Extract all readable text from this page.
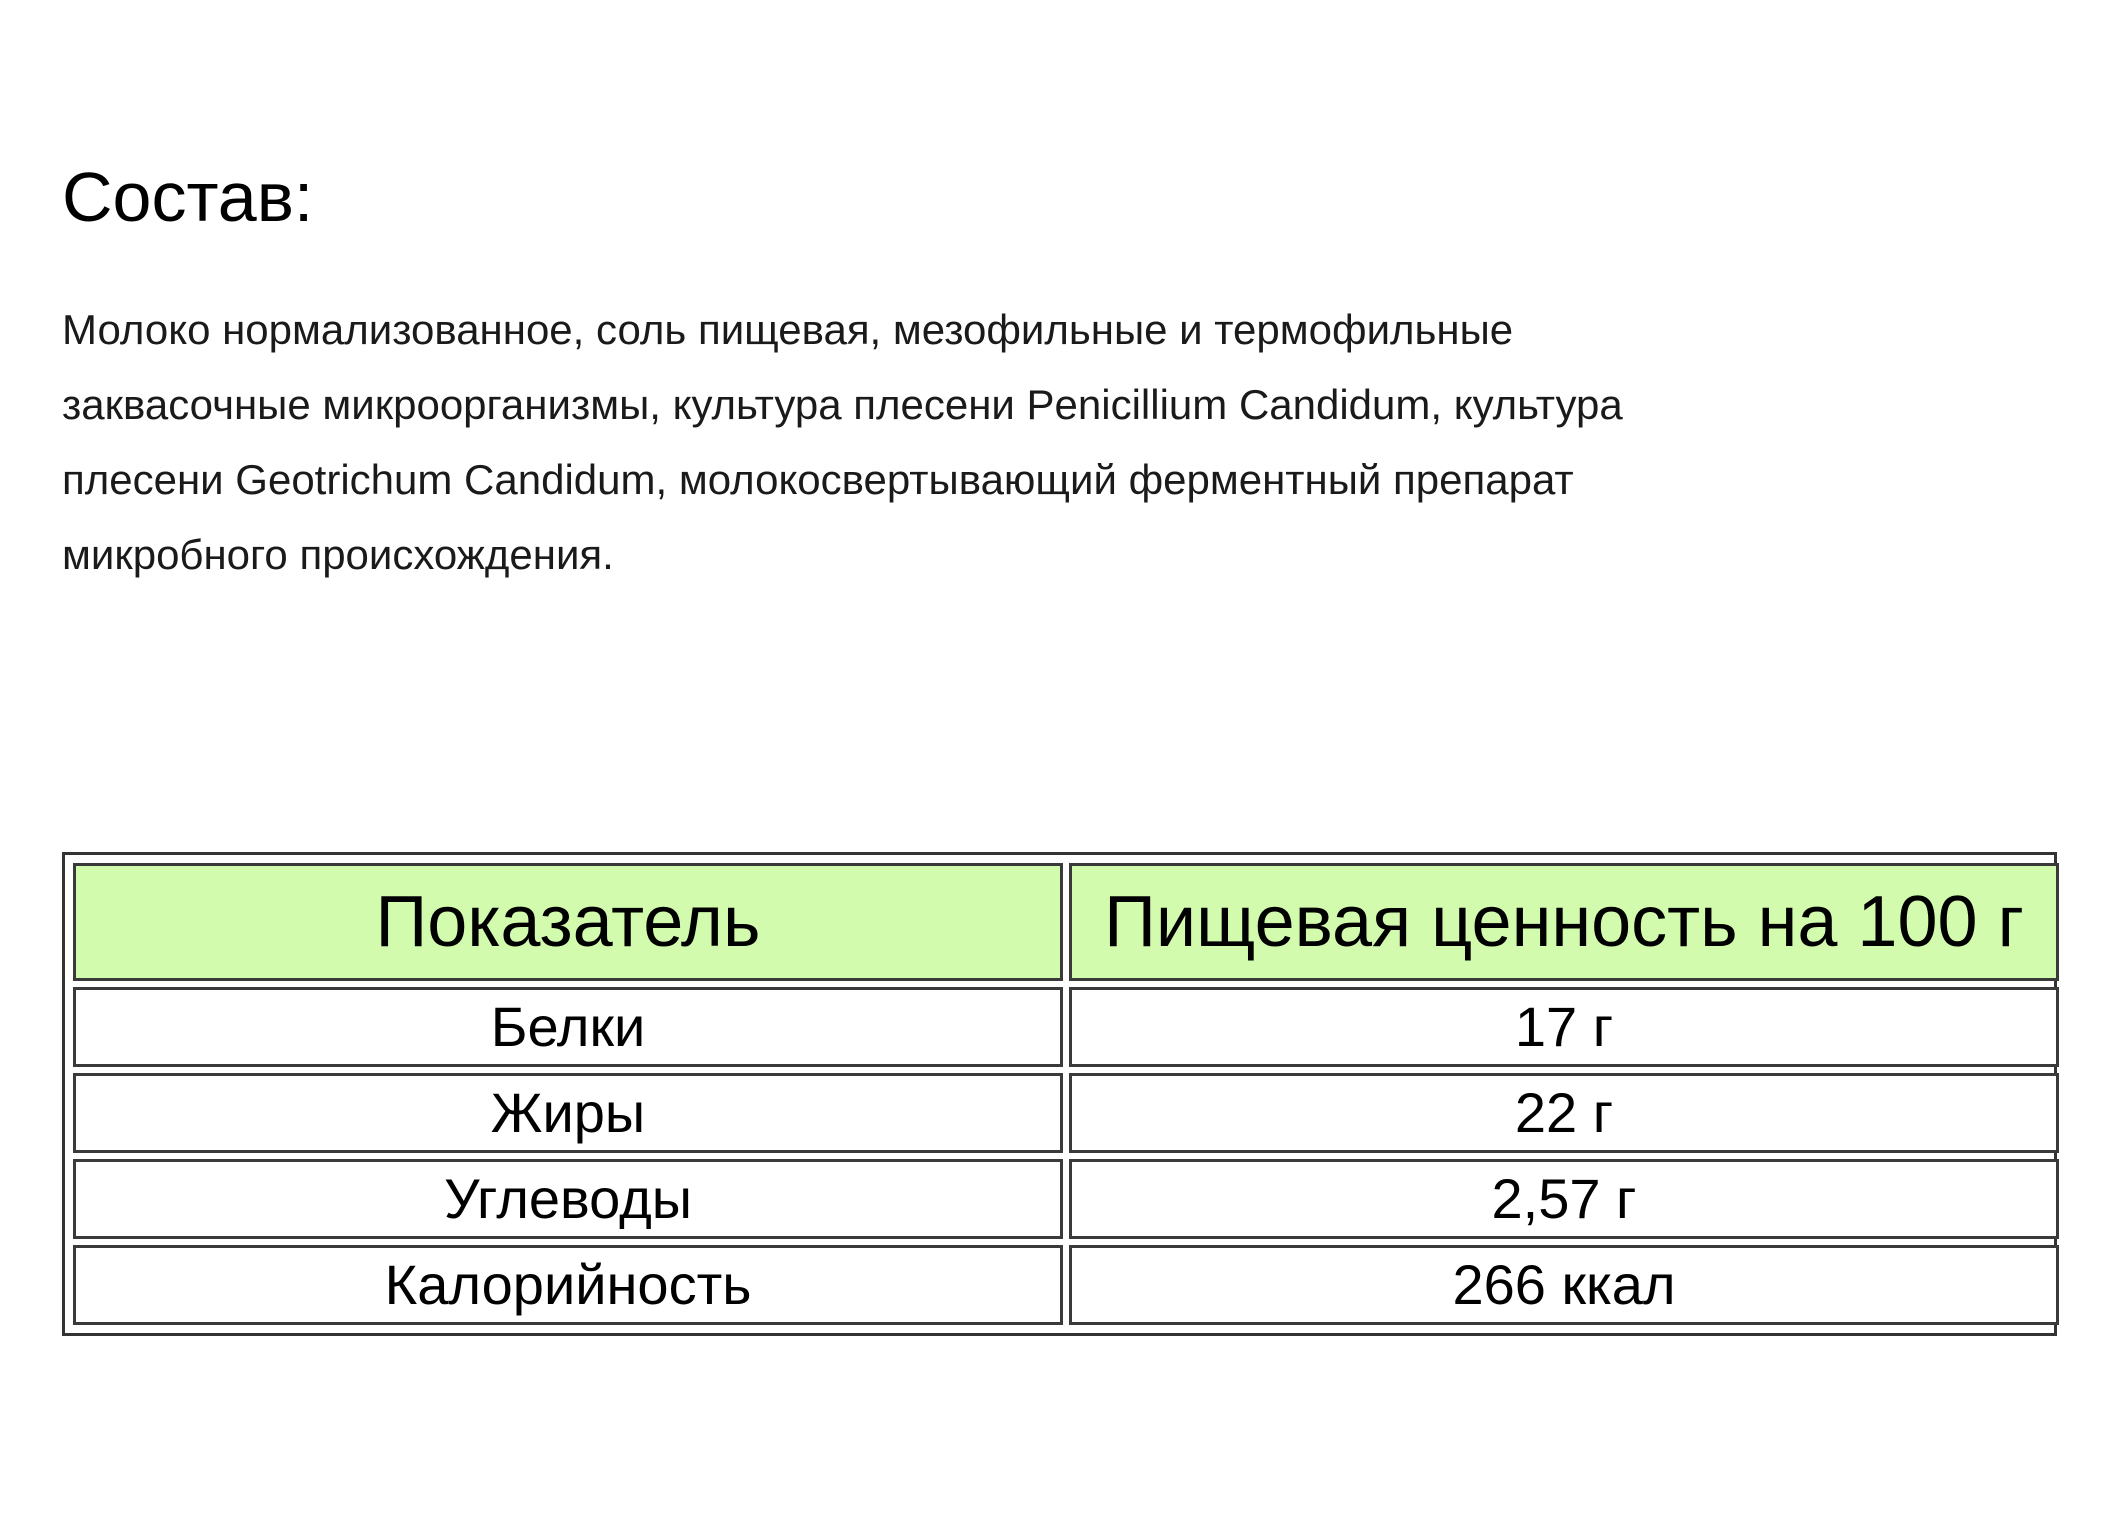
Состав:

Молоко нормализованное, соль пищевая, мезофильные и термофильные
заквасочные микроорганизмы, культура плесени Penicillium Candidum, культура
плесени Geotrichum Candidum, молокосвертывающий ферментный препарат
микробного происхождения.

Показатель	Пищевая ценность на 100 г
Белки	17 г
Жиры	22 г
Углеводы	2,57 г
Калорийность	266 ккал
